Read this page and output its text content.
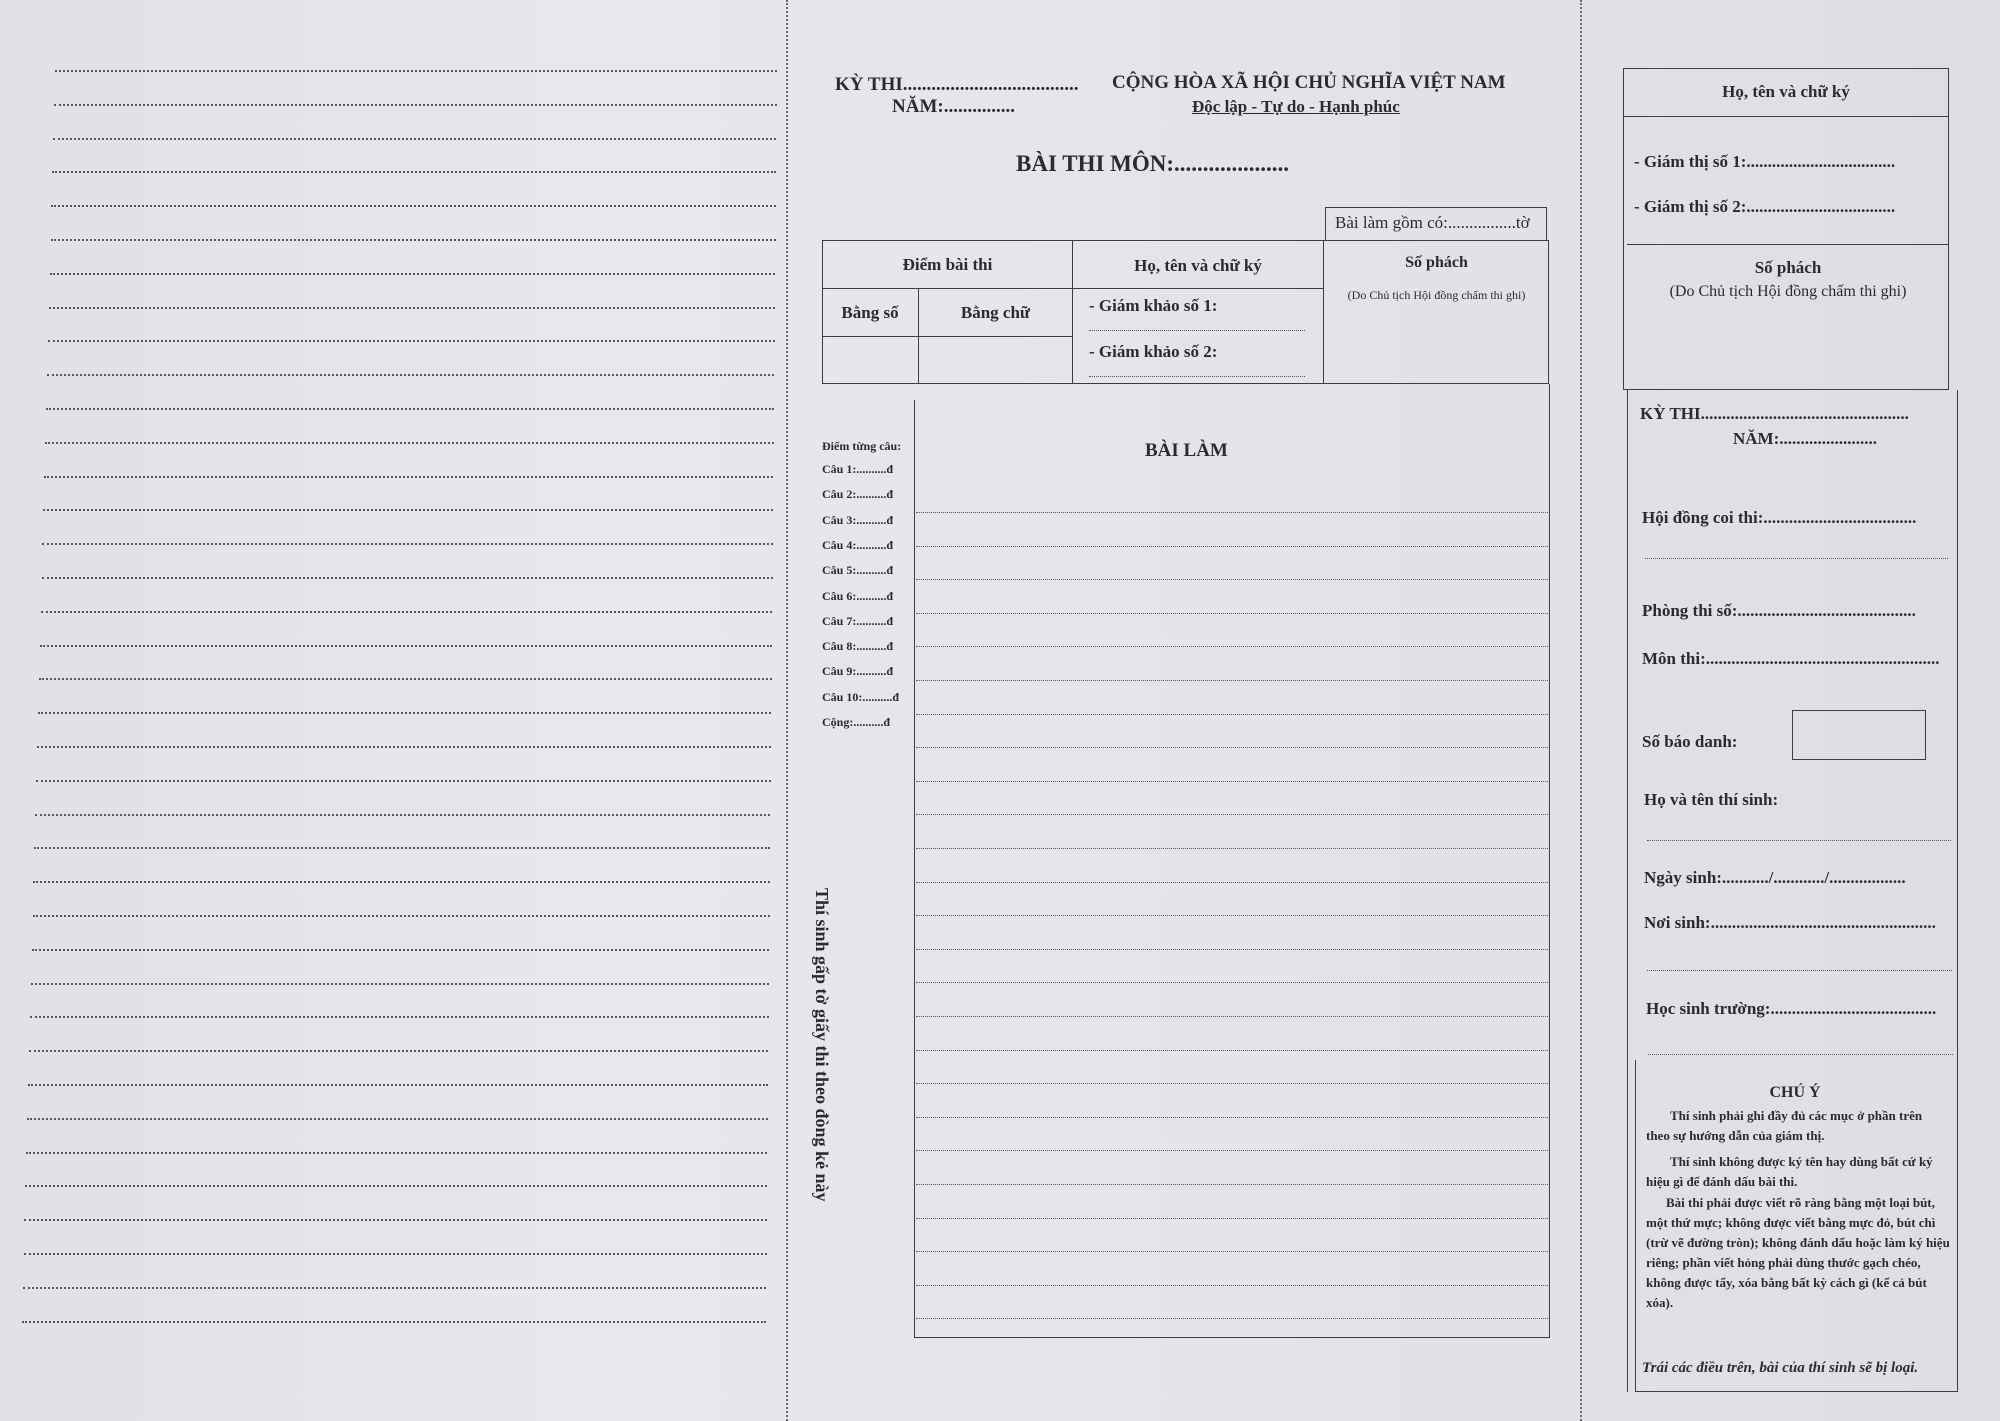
KỲ THI.....................................
NĂM:...............
CỘNG HÒA XÃ HỘI CHỦ NGHĨA VIỆT NAM
Độc lập - Tự do - Hạnh phúc
BÀI THI MÔN:....................
Bài làm gồm có:................tờ
Điểm bài thi
Bằng số	Bằng chữ
Họ, tên và chữ ký
- Giám khảo số 1:
- Giám khảo số 2:
Số phách
(Do Chủ tịch Hội đồng chấm thi ghi)
Điểm từng câu:
Câu 1:..........đ
Câu 2:..........đ
Câu 3:..........đ
Câu 4:..........đ
Câu 5:..........đ
Câu 6:..........đ
Câu 7:..........đ
Câu 8:..........đ
Câu 9:..........đ
Câu 10:..........đ
Cộng:..........đ
BÀI LÀM
Thí sinh gấp tờ giấy thi theo đòng kẻ này
Họ, tên và chữ ký
- Giám thị số 1:...................................
- Giám thị số 2:...................................
Số phách
(Do Chủ tịch Hội đồng chấm thi ghi)
KỲ THI.................................................
NĂM:.......................
Hội đồng coi thi:....................................
Phòng thi số:..........................................
Môn thi:.......................................................
Số báo danh:
Họ và tên thí sinh:
Ngày sinh:.........../............/..................
Nơi sinh:.....................................................
Học sinh trường:.......................................
CHÚ Ý
Thí sinh phải ghi đầy đủ các mục ở phần trên theo sự hướng dẫn của giám thị.
Thí sinh không được ký tên hay dùng bất cứ ký hiệu gì để đánh dấu bài thi.
Bài thi phải được viết rõ ràng bằng một loại bút, một thứ mực; không được viết bằng mực đỏ, bút chì (trừ vẽ đường tròn); không đánh dấu hoặc làm ký hiệu riêng; phần viết hỏng phải dùng thước gạch chéo, không được tẩy, xóa bằng bất kỳ cách gì (kể cả bút xóa).
Trái các điều trên, bài của thí sinh sẽ bị loại.
